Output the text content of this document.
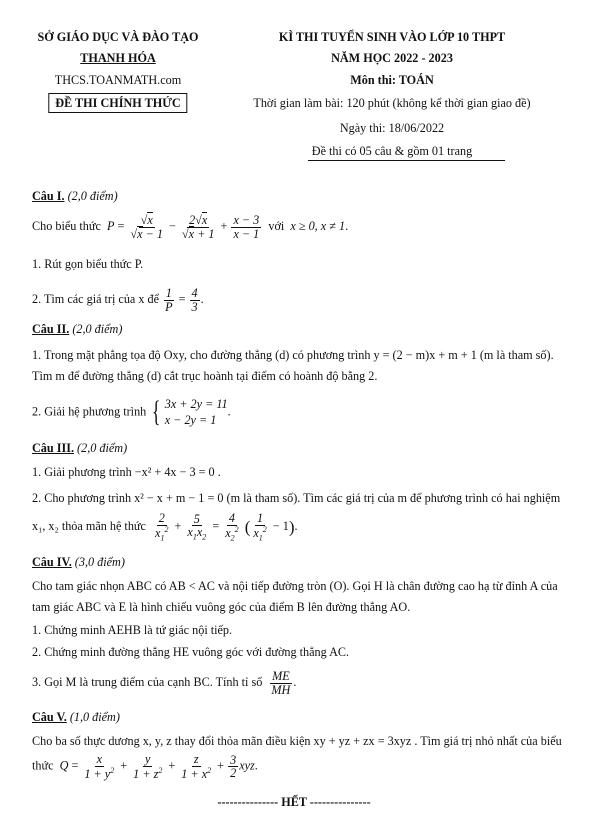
SỞ GIÁO DỤC VÀ ĐÀO TẠO
THANH HÓA
THCS.TOANMATH.com
ĐỀ THI CHÍNH THỨC
KÌ THI TUYỂN SINH VÀO LỚP 10 THPT
NĂM HỌC 2022 - 2023
Môn thi: TOÁN
Thời gian làm bài: 120 phút (không kể thời gian giao đề)
Ngày thi: 18/06/2022
Đề thi có 05 câu & gồm 01 trang
Câu I. (2,0 điểm)
Cho biểu thức  $P = \frac{√x}{√x - 1} - \frac{2√x}{√x + 1} + \frac{x - 3}{x - 1}$ với  x ≥ 0, x ≠ 1.
1. Rút gọn biểu thức P.
2. Tìm các giá trị của x để $\frac{1}{P} = \frac{4}{3}$ .
Câu II. (2,0 điểm)
1. Trong mặt phẳng tọa độ Oxy, cho đường thẳng (d) có phương trình y = (2 − m)x + m + 1 (m là tham số).
Tìm m để đường thẳng (d) cắt trục hoành tại điểm có hoành độ bằng 2.
2. Giải hệ phương trình { 3x + 2y = 11
x − 2y = 1
.
Câu III. (2,0 điểm)
1. Giải phương trình −x² + 4x − 3 = 0 .
2. Cho phương trình x² − x + m − 1 = 0 (m là tham số). Tìm các giá trị của m để phương trình có hai nghiệm
x₁, x₂ thỏa mãn hệ thức $\frac{2}{x_1^2} + \frac{5}{x_1x_2} = \frac{4}{x_2^2}$ ( $\frac{1}{x_1^2} - 1$).
Câu IV. (3,0 điểm)
Cho tam giác nhọn ABC có AB < AC và nội tiếp đường tròn (O). Gọi H là chân đường cao hạ từ đỉnh A của
tam giác ABC và E là hình chiếu vuông góc của điểm B lên đường thẳng AO.
1. Chứng minh AEHB là tứ giác nội tiếp.
2. Chứng minh đường thẳng HE vuông góc với đường thẳng AC.
3. Gọi M là trung điểm của cạnh BC. Tính tỉ số $\frac{ME}{MH}$ .
Câu V. (1,0 điểm)
Cho ba số thực dương x, y, z thay đổi thỏa mãn điều kiện xy + yz + zx = 3xyz . Tìm giá trị nhỏ nhất của biểu
thức  $Q = \frac{x}{1 + y^2} + \frac{y}{1 + z^2} + \frac{z}{1 + x^2} + \frac{3}{2}$ xyz.
--------------- HẾT ---------------
